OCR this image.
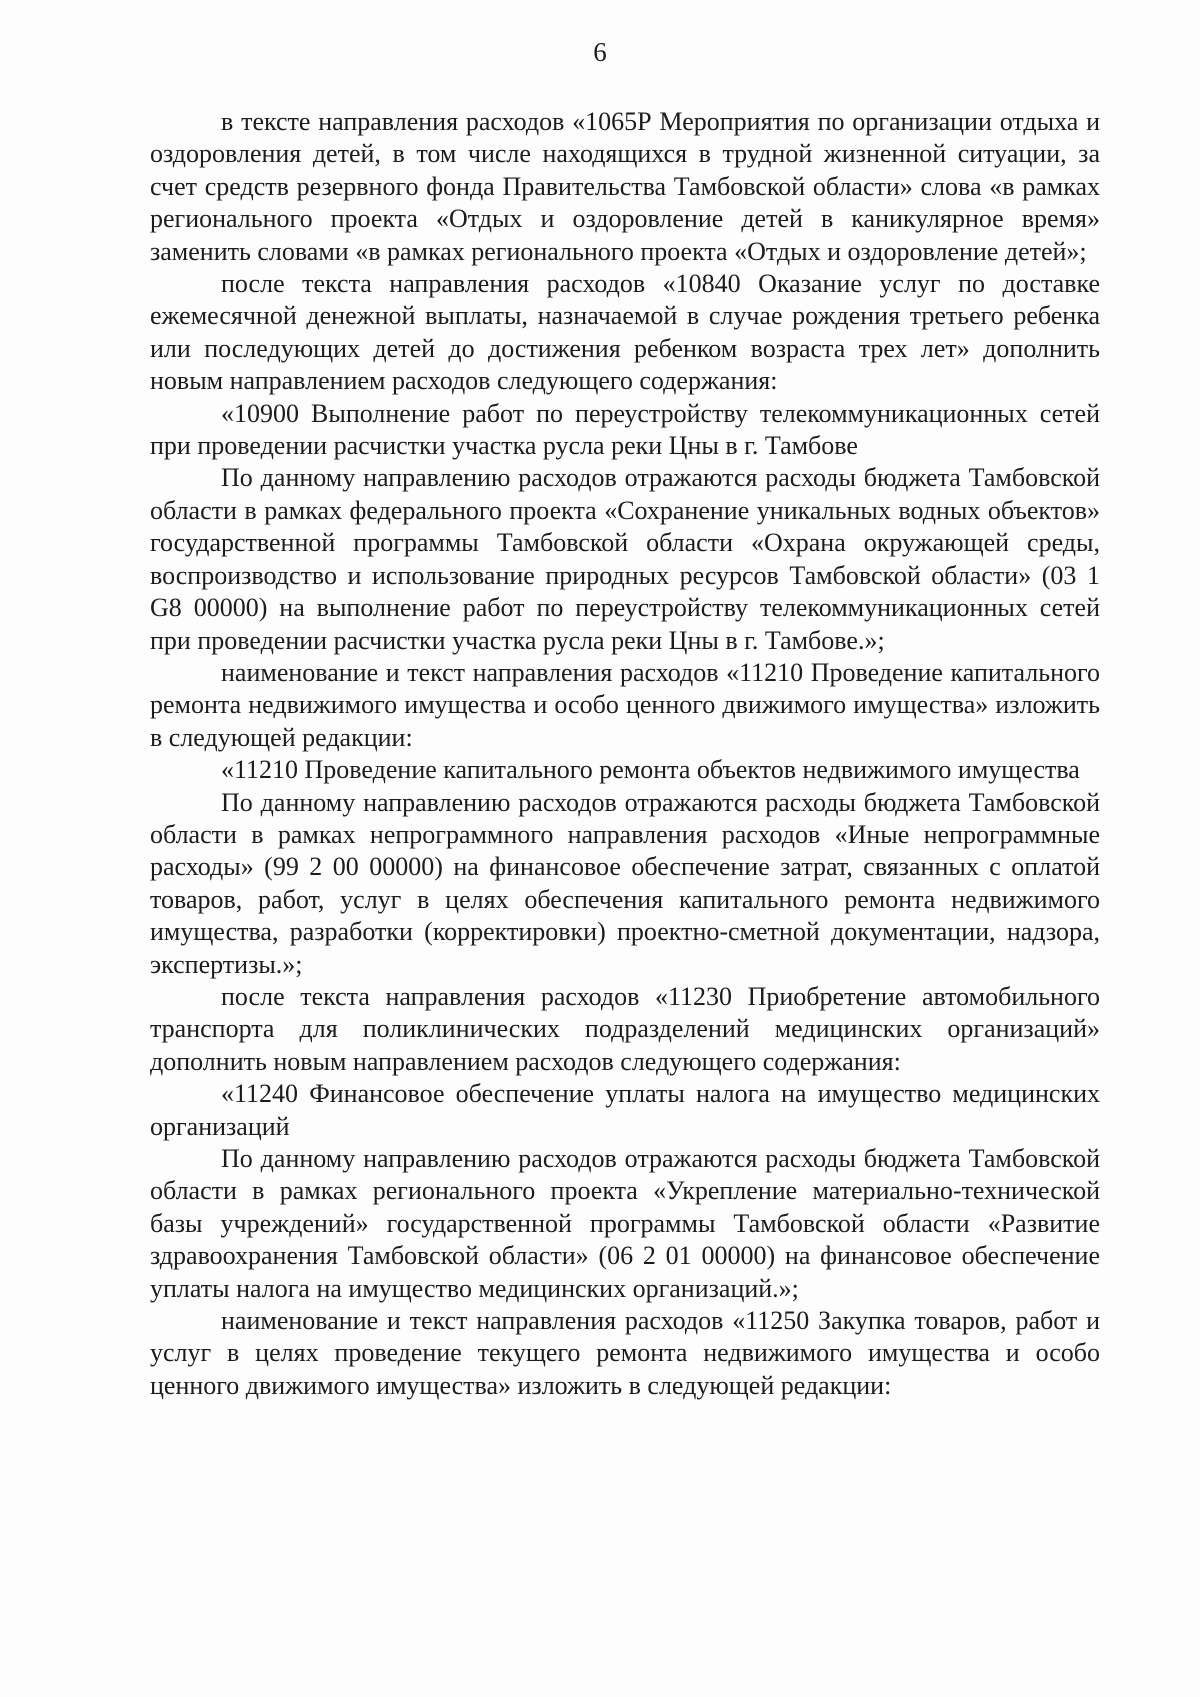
6

в тексте направления расходов «1065Р Мероприятия по организации отдыха и оздоровления детей, в том числе находящихся в трудной жизненной ситуации, за счет средств резервного фонда Правительства Тамбовской области» слова «в рамках регионального проекта «Отдых и оздоровление детей в каникулярное время» заменить словами «в рамках регионального проекта «Отдых и оздоровление детей»;

после текста направления расходов «10840 Оказание услуг по доставке ежемесячной денежной выплаты, назначаемой в случае рождения третьего ребенка или последующих детей до достижения ребенком возраста трех лет» дополнить новым направлением расходов следующего содержания:

«10900 Выполнение работ по переустройству телекоммуникационных сетей при проведении расчистки участка русла реки Цны в г. Тамбове

По данному направлению расходов отражаются расходы бюджета Тамбовской области в рамках федерального проекта «Сохранение уникальных водных объектов» государственной программы Тамбовской области «Охрана окружающей среды, воспроизводство и использование природных ресурсов Тамбовской области» (03 1 G8 00000) на выполнение работ по переустройству телекоммуникационных сетей при проведении расчистки участка русла реки Цны в г. Тамбове.»;

наименование и текст направления расходов «11210 Проведение капитального ремонта недвижимого имущества и особо ценного движимого имущества» изложить в следующей редакции:

«11210 Проведение капитального ремонта объектов недвижимого имущества

По данному направлению расходов отражаются расходы бюджета Тамбовской области в рамках непрограммного направления расходов «Иные непрограммные расходы» (99 2 00 00000) на финансовое обеспечение затрат, связанных с оплатой товаров, работ, услуг в целях обеспечения капитального ремонта недвижимого имущества, разработки (корректировки) проектно-сметной документации, надзора, экспертизы.»;

после текста направления расходов «11230 Приобретение автомобильного транспорта для поликлинических подразделений медицинских организаций» дополнить новым направлением расходов следующего содержания:

«11240 Финансовое обеспечение уплаты налога на имущество медицинских организаций

По данному направлению расходов отражаются расходы бюджета Тамбовской области в рамках регионального проекта «Укрепление материально-технической базы учреждений» государственной программы Тамбовской области «Развитие здравоохранения Тамбовской области» (06 2 01 00000) на финансовое обеспечение уплаты налога на имущество медицинских организаций.»;

наименование и текст направления расходов «11250 Закупка товаров, работ и услуг в целях проведение текущего ремонта недвижимого имущества и особо ценного движимого имущества» изложить в следующей редакции:
